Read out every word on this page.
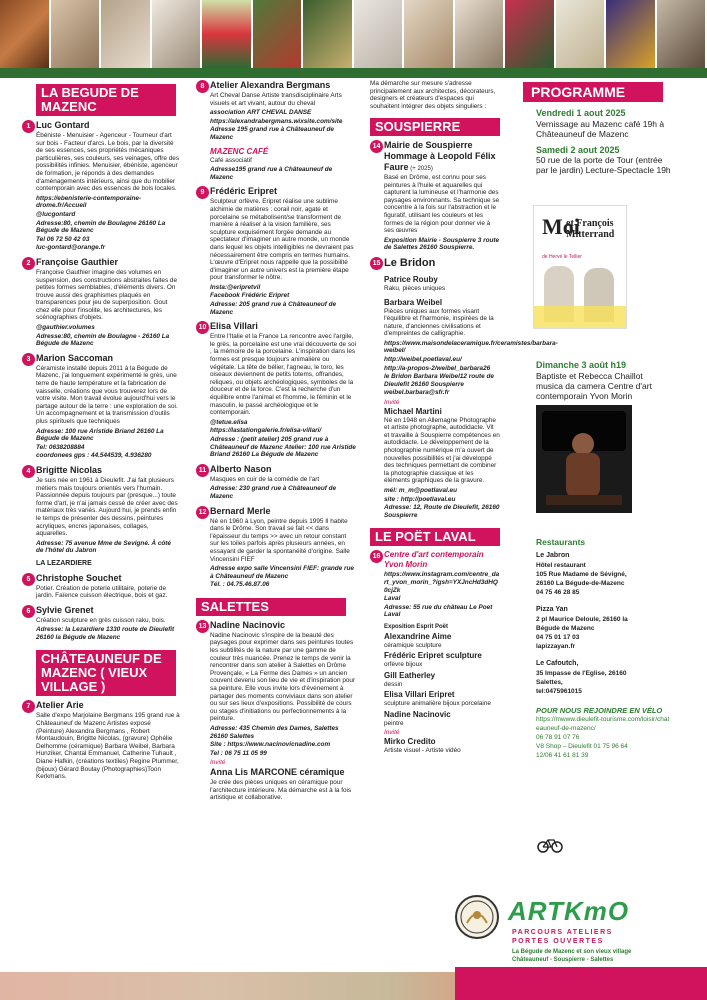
LA BEGUDE DE MAZENC
1 Luc Gontard
Ébéniste - Menuisier - Agenceur - Tourneur d'art sur bois - Facteur d'arcs. Le bois, par la diversité de ses essences, ses propriétés mécaniques particulières, ses couleurs, ses veinages, offre des possibilités infinies. Menuisier, ébéniste, agenceur de formation, je réponds à des demandes d'aménagements intérieurs, ainsi que du mobilier contemporain avec des essences de bois locales.
https://ebenisterie-contemporaine-drome.fr/Accueil
@lucgontard
Adresse:80, chemin de Boulagne 26160 La Bégude de Mazenc
Tel 06 72 50 42 03
luc-gontard@orange.fr
2 Françoise Gauthier
Françoise Gauthier imagine des volumes en suspension, des constructions abstraites faites de petites formes semblables, d'éléments divers. On trouve aussi des graphismes plaqués en transparences pour jeu de superposition. Gout chez elle pour l'insolite, les architectures, les scénographies d'objets.
@gauthier.volumes
Adresse:80, chemin de Boulagne - 26160 La Bégude de Mazenc
3 Marion Saccoman
Céramiste installé depuis 2011 à la Bégude de Mazenc, j'ai longuement expérimenté le grès, une terre de haute température et la fabrication de vaisselle, créations que vous trouverez lors de votre visite. Mon travail évolue aujourd'hui vers le partage autour de la terre : une exploration de soi. Un accompagnement et la transmission d'outils plus spirituels que techniques
Adresse: 100 rue Aristide Briand 26160 La Bégude de Mazenc
Tel: 0638208884
coordonees gps : 44.544539, 4.936280
4 Brigitte Nicolas
Je suis née en 1961 à Dieulefit. J'ai fait plusieurs métiers mais toujours orientés vers l'humain. Passionnée depuis toujours par (presque...) toute forme d'art, je n'ai jamais cessé de créer avec des matériaux très variés. Aujourd hui, je prends enfin le temps de présenter des dessins, peintures acryliques, encres japonaises, collages, aquarelles.
Adresse: 75 avenue Mme de Sevigné. À côté de l'hôtel du Jabron
LA LEZARDIERE
5 Christophe Souchet
Potier. Création de poterie utilitaire, poterie de jardin. Faïence cuisson électrique, bois et gaz.
6 Sylvie Grenet
Création sculpture en grès cuisson raku, bois.
Adresse: la Lezardiere 1330 route de Dieulefit 26160 la Bégude de Mazenc
CHÂTEAUNEUF DE MAZENC ( VIEUX VILLAGE )
7 Atelier Arie
Salle d'expo Marjolaine Bergmans 195 grand rue à Châteauneuf de Mazenc Artistes exposé (Peinture) Alexandra Bergmans , Robert Montaudouin, Brigitte Nicolas, (gravure) Ophélie Delhomme (céramique) Barbara Weibel, Barbara Hunziker, Chantal Emmanuel, Catherine Tuhault , Diane Hafkin, (créations textiles) Regine Plummer, (bijoux) Gérard Boulay (Photographies)Toon Kerkmans.
8 Atelier Alexandra Bergmans
Art Cheval Danse Artiste transdisciplinaire Arts visuels et art vivant, autour du cheval
association ART CHEVAL DANSE
https://alexandrabergmans.wixsite.com/site
Adresse 195 grand rue à Châteauneuf de Mazenc
MAZENC CAFÉ
Café associatif
Adresse195 grand rue à Châteauneuf de Mazenc
9 Frédéric Eripret
Sculpteur orfèvre. Eripret réalise une sublime alchimie de matières : corail noir, agate et porcelaine se métabolisent/se transforment de manière à réaliser à la vision familière, ses sculpture exquisément forgée demande au spectateur d'imaginer un autre monde, un monde dans lequel les objets intelligibles ne devraient pas nécessairement être compris en termes humains. L'œuvre d'Eripret nous rappelle que la possibilité d'imaginer un autre univers est la première étape pour transformer le nôtre.
Insta:@eripretvil
Facebook Frédéric Eripret
Adresse: 205 grand rue à Châteauneuf de Mazenc
10 Elisa Villari
Entre l'Italie et la France La rencontre avec l'argile, le grès, la porcelaine est une vrai découverte de soi , la mémoire de la porcelaine. L'inspiration dans les formes est presque toujours animalière ou végétale. La tête de bélier, l'agneau, le toro, les oiseaux deviennent de petits totems, offrandes, reliques, ou objets archéologiques, symboles de la douceur et de la force. C'est la recherche d'un équilibre entre l'animal et l'homme, le féminin et le masculin, le passé archéologique et le contemporain.
@tetue.elisa
https://lastationgalerie.fr/elisa-villari/
Adresse : (petit atelier) 205 grand rue à Châteauneuf de Mazenc Atelier: 100 rue Aristide Briand 26160 La Bégude de Mazenc
11 Alberto Nason
Masques en cuir de la comédie de l'art
Adresse: 230 grand rue à Châteauneuf de Mazenc
12 Bernard Merle
Né en 1960 à Lyon, peintre depuis 1995 Il habite dans le Drôme. Son travail se fait << dans l'épaisseur du temps >> avec un retour constant sur les toiles parfois après plusieurs années, en essayant de garder la spontanéité d'origine. Salle Vincensini FIEF
Adresse expo salle Vincensini FIEF: grande rue à Châteauneuf de Mazenc
Tél. : 04.75.46.87.06
SALETTES
13 Nadine Nacinovic
Nadine Nacinovic s'inspire de la beauté des paysages pour exprimer dans ses peintures toutes les subtilités de la nature par une gamme de couleur très nuancée. Prenez le temps de venir la rencontrer dans son atelier à Salettes en Drôme Provençale, « La Ferme des Dames » un ancien couvent devenu son lieu de vie et d'inspiration pour sa peinture. Elle vous invite lors d'événement à partager des moments conviviaux dans son atelier ou sur ses lieux d'expositions. Possibilité de cours ou stages d'initiations ou perfectionnements à la peinture.
Adresse: 435 Chemin des Dames, Salettes 26160 Salettes
Site : https://www.nacinovicnadine.com
Tel : 06 75 11 05 99
Invité
Anna Lis MARCONE céramique
Je crée des pièces uniques en céramique pour l'architecture intérieure. Ma démarche est à la fois artistique et collaborative.
Ma démarche sur mesure s'adresse principalement aux architectes, décorateurs, designers et créateurs d'espaces qui souhaitent intégrer des objets singuliers :
SOUSPIERRE
14 Mairie de Souspierre Hommage à Leopold Félix Faure (+ 2025)
Basé en Drôme, est connu pour ses peintures à l'huile et aquarelles qui capturent la lumineuse et l'harmonie des paysages environnants. Sa technique se concentre à la fois sur l'abstraction et le figuratif, utilisant les couleurs et les formes de la région pour donner vie à ses œuvres
Exposition Mairie - Souspierre 3 route de Salettes 26160 Souspierre.
15 Le Bridon
Patrice Rouby
Raku, pièces uniques
Barbara Weibel
Pièces uniques aux formes visant l'équilibre et l'harmonie, inspirées de la nature, d'anciennes civilisations et d'empreintes de calligraphie.
https://www.maisondelaceramique.fr/ceramistes/barbara-weibel/
http://weibel.poetlaval.eu/
http://a-propos-2/weibel_barbara26
le Bridon Barbara Weibel12 route de Dieulefit 26160 Souspierre
weibel.barbara@sfr.fr
Invité
Michael Martini
Né en 1948 en Allemagne Photographe et artiste photographe, autodidacte. Vit et travaille à Souspierre compétences en autodidacte. Le développement de la photographie numérique m'a ouvert de nouvelles possibilités et j'ai développé des techniques permettant de combiner la photographie classique et les éléments graphiques de la gravure.
mél: m_m@poetlaval.eu
site : http://poetlaval.eu
Adresse: 12, Route de Dieulefit, 26160 Souspierre
LE POËT LAVAL
16 Centre d'art contemporain Yvon Morin
https://www.instagram.com/centre_dart_yvon_morin_?igsh=YXJncHd3dHQ0cjZk
Laval
Adresse: 55 rue du château Le Poet Laval
Exposition Esprit Poët
Alexandrine Aime
céramique sculpture
Frédéric Eripret sculpture
orfèvre bijoux
Gill Eatherley
dessin
Elisa Villari Eripret
sculpture animalière bijoux porcelaine
Nadine Nacinovic
peintre
Invité
Mirko Credito
Artiste visuel - Artiste vidéo
PROGRAMME
Vendredi 1 aout 2025
Vernissage au Mazenc café 19h à Châteauneuf de Mazenc
Samedi 2 aout 2025
50 rue de la porte de Tour (entrée par le jardin) Lecture-Spectacle 19h
Moi
et François Mitterrand
de Hervé le Tellier
Dimanche 3 août h19
Baptiste et Rebecca Chaillot musica da camera Centre d'art contemporain Yvon Morin
Restaurants
Le Jabron
Hôtel restaurant
105 Rue Madame de Sévigné,
26160 La Bégude-de-Mazenc
04 75 46 28 85
Pizza Yan
2 pl Maurice Deloule, 26160 la
Bégude de Mazenc
04 75 01 17 03
lapizzayan.fr
Le Cafoutch,
35 Impasse de l'Eglise, 26160
Salettes,
tel:0475961015
POUR NOUS REJOINDRE EN VÉLO
https://mwww.dieulefit-tourisme.com/loisir/chateauneuf-de-mazenc/
06 78 91 07 76
V8 Shop – Dieulefit 01 75 96 64
12/06 41 61 81 39
ARTKmO
PARCOURS ATELIERS
PORTES OUVERTES
La Bégude de Mazenc et son vieux village
Châteauneuf - Souspierre - Salettes
